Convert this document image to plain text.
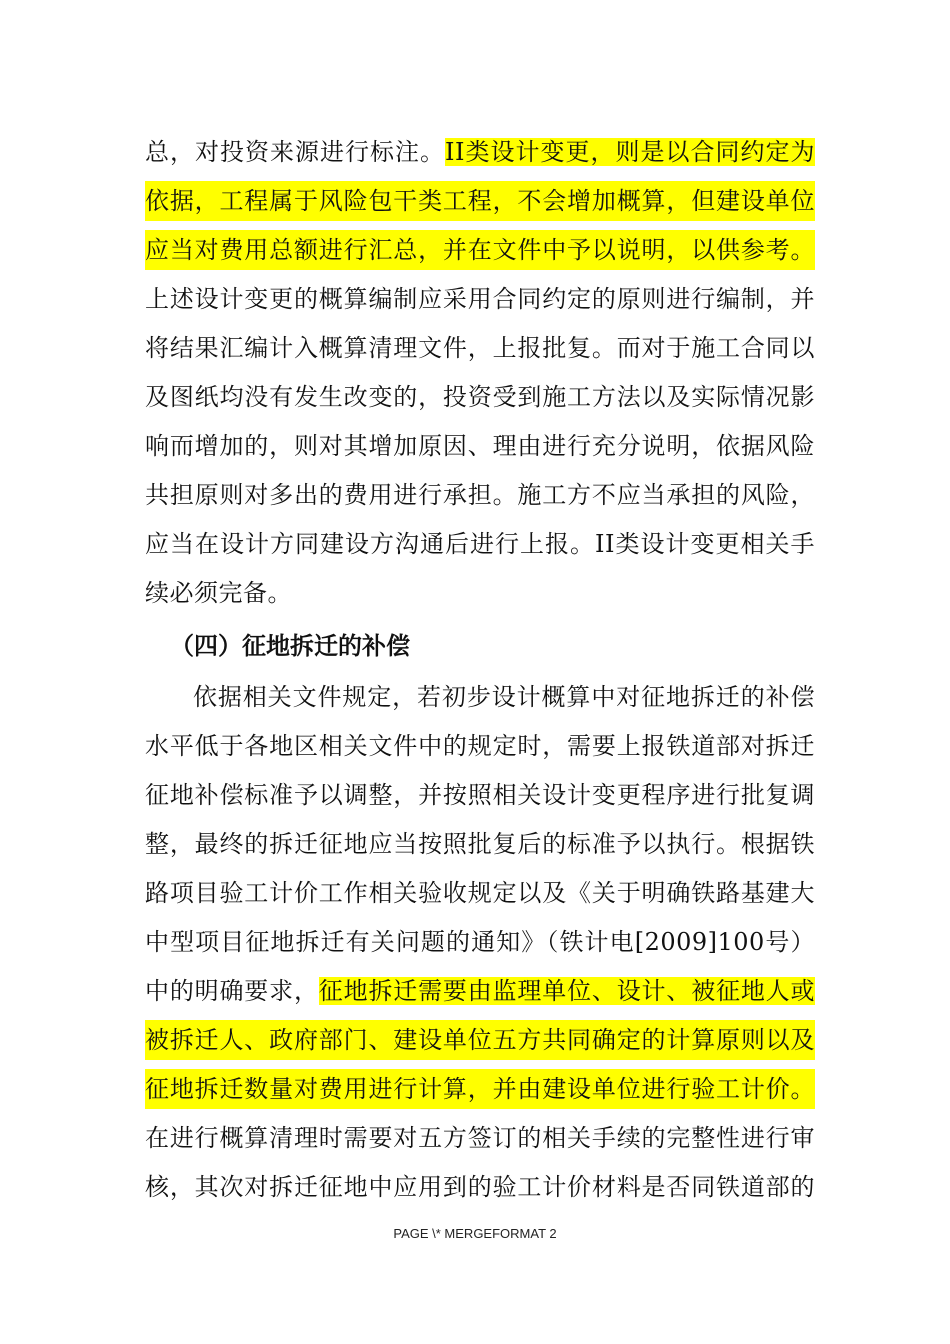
总，对投资来源进行标注。II类设计变更，则是以合同约定为
依据，工程属于风险包干类工程，不会增加概算，但建设单位
应当对费用总额进行汇总，并在文件中予以说明，以供参考。
上述设计变更的概算编制应采用合同约定的原则进行编制，并
将结果汇编计入概算清理文件，上报批复。而对于施工合同以
及图纸均没有发生改变的，投资受到施工方法以及实际情况影
响而增加的，则对其增加原因、理由进行充分说明，依据风险
共担原则对多出的费用进行承担。施工方不应当承担的风险，
应当在设计方同建设方沟通后进行上报。II类设计变更相关手
续必须完备。
（四）征地拆迁的补偿
依据相关文件规定，若初步设计概算中对征地拆迁的补偿
水平低于各地区相关文件中的规定时，需要上报铁道部对拆迁
征地补偿标准予以调整，并按照相关设计变更程序进行批复调
整，最终的拆迁征地应当按照批复后的标准予以执行。根据铁
路项目验工计价工作相关验收规定以及《关于明确铁路基建大
中型项目征地拆迁有关问题的通知》（铁计电[2009]100号）
中的明确要求，征地拆迁需要由监理单位、设计、被征地人或
被拆迁人、政府部门、建设单位五方共同确定的计算原则以及
征地拆迁数量对费用进行计算，并由建设单位进行验工计价。
在进行概算清理时需要对五方签订的相关手续的完整性进行审
核，其次对拆迁征地中应用到的验工计价材料是否同铁道部的
PAGE \* MERGEFORMAT 2
